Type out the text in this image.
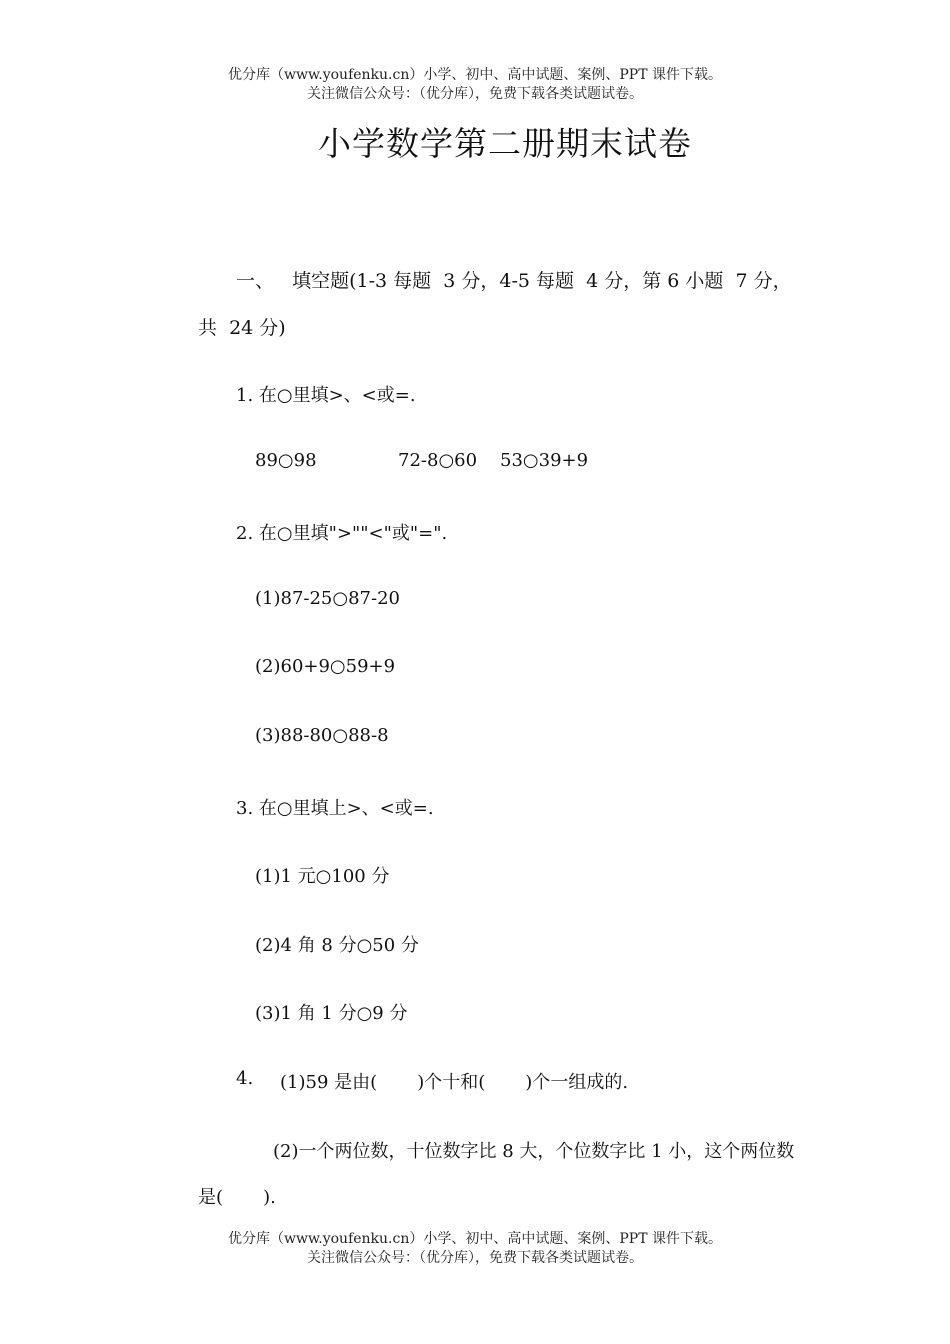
优分库（www.youfenku.cn）小学、初中、高中试题、案例、PPT 课件下载。
关注微信公众号：（优分库），免费下载各类试题试卷。
小学数学第二册期末试卷
一、   填空题(1-3 每题  3 分，4-5 每题  4 分，第 6 小题  7 分，
共  24 分)
1. 在○里填>、<或=.
89○98	72-8○60 53○39+9
2. 在○里填">""<"或"=".
(1)87-25○87-20
(2)60+9○59+9
(3)88-80○88-8
3. 在○里填上>、<或=.
(1)1 元○100 分
(2)4 角 8 分○50 分
(3)1 角 1 分○9 分
4. (1)59 是由(       )个十和(       )个一组成的.
(2)一个两位数，十位数字比 8 大，个位数字比 1 小，这个两位数
是(       ).
优分库（www.youfenku.cn）小学、初中、高中试题、案例、PPT 课件下载。
关注微信公众号：（优分库），免费下载各类试题试卷。
